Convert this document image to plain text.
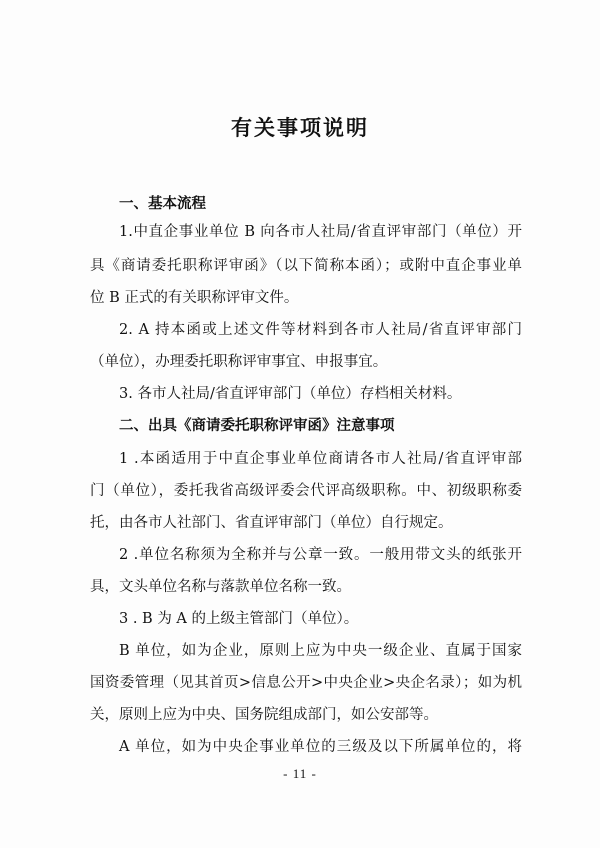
有关事项说明
一、基本流程
1.中直企事业单位 B 向各市人社局/省直评审部门（单位）开
具《商请委托职称评审函》（以下简称本函）；或附中直企事业单
位 B 正式的有关职称评审文件。
2. A 持本函或上述文件等材料到各市人社局/省直评审部门
（单位），办理委托职称评审事宜、申报事宜。
3. 各市人社局/省直评审部门（单位）存档相关材料。
二、出具《商请委托职称评审函》注意事项
1 .本函适用于中直企事业单位商请各市人社局/省直评审部
门（单位），委托我省高级评委会代评高级职称。中、初级职称委
托，由各市人社部门、省直评审部门（单位）自行规定。
2 .单位名称须为全称并与公章一致。一般用带文头的纸张开
具，文头单位名称与落款单位名称一致。
3 . B 为 A 的上级主管部门（单位）。
B 单位，如为企业，原则上应为中央一级企业、直属于国家
国资委管理（见其首页>信息公开>中央企业>央企名录）；如为机
关，原则上应为中央、国务院组成部门，如公安部等。
A 单位，如为中央企事业单位的三级及以下所属单位的，将
- 11 -
